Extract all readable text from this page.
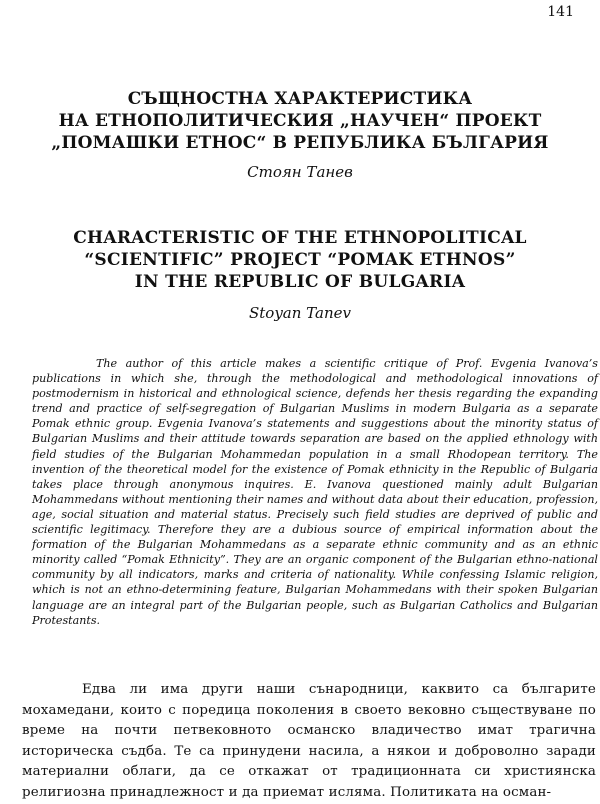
141
СЪЩНОСТНА ХАРАКТЕРИСТИКА
НА ЕТНОПОЛИТИЧЕСКИЯ „НАУЧЕН“ ПРОЕКТ
„ПОМАШКИ ЕТНОС“ В РЕПУБЛИКА БЪЛГАРИЯ
Стоян Танев
CHARACTERISTIC OF THE ETHNOPOLITICAL
“SCIENTIFIC” PROJECT “POMAK ETHNOS”
IN THE REPUBLIC OF BULGARIA
Stoyan Tanev

The author of this article makes a scientific critique of Prof. Evgenia Ivanova’s publications in which she, through the methodological and methodological innovations of postmodernism in historical and ethnological science, defends her thesis regarding the expanding trend and practice of self-segregation of Bulgarian Muslims in modern Bulgaria as a separate Pomak ethnic group. Evgenia Ivanova’s statements and suggestions about the minority status of Bulgarian Muslims and their attitude towards separation are based on the applied ethnology with field studies of the Bulgarian Mohammedan population in a small Rhodopean territory. The invention of the theoretical model for the existence of Pomak ethnicity in the Republic of Bulgaria takes place through anonymous inquires. E. Ivanova questioned mainly adult Bulgarian Mohammedans without mentioning their names and without data about their education, profession, age, social situation and material status. Precisely such field studies are deprived of public and scientific legitimacy. Therefore they are a dubious source of empirical information about the formation of the Bulgarian Mohammedans as a separate ethnic community and as an ethnic minority called “Pomak Ethnicity”. They are an organic component of the Bulgarian ethno-national community by all indicators, marks and criteria of nationality. While confessing Islamic religion, which is not an ethno-determining feature, Bulgarian Mohammedans with their spoken Bulgarian language are an integral part of the Bulgarian people, such as Bulgarian Catholics and Bulgarian Protestants.

Едва ли има други наши сънародници, каквито са българите мохамедани, които с поредица поколения в своето вековно съществуване по време на почти петвековното османско владичество имат трагична историческа съдба. Те са принудени насила, а някои и доброволно заради материални облаги, да се откажат от традиционната си християнска религиозна принадлежност и да приемат исляма. Политиката на осман-
